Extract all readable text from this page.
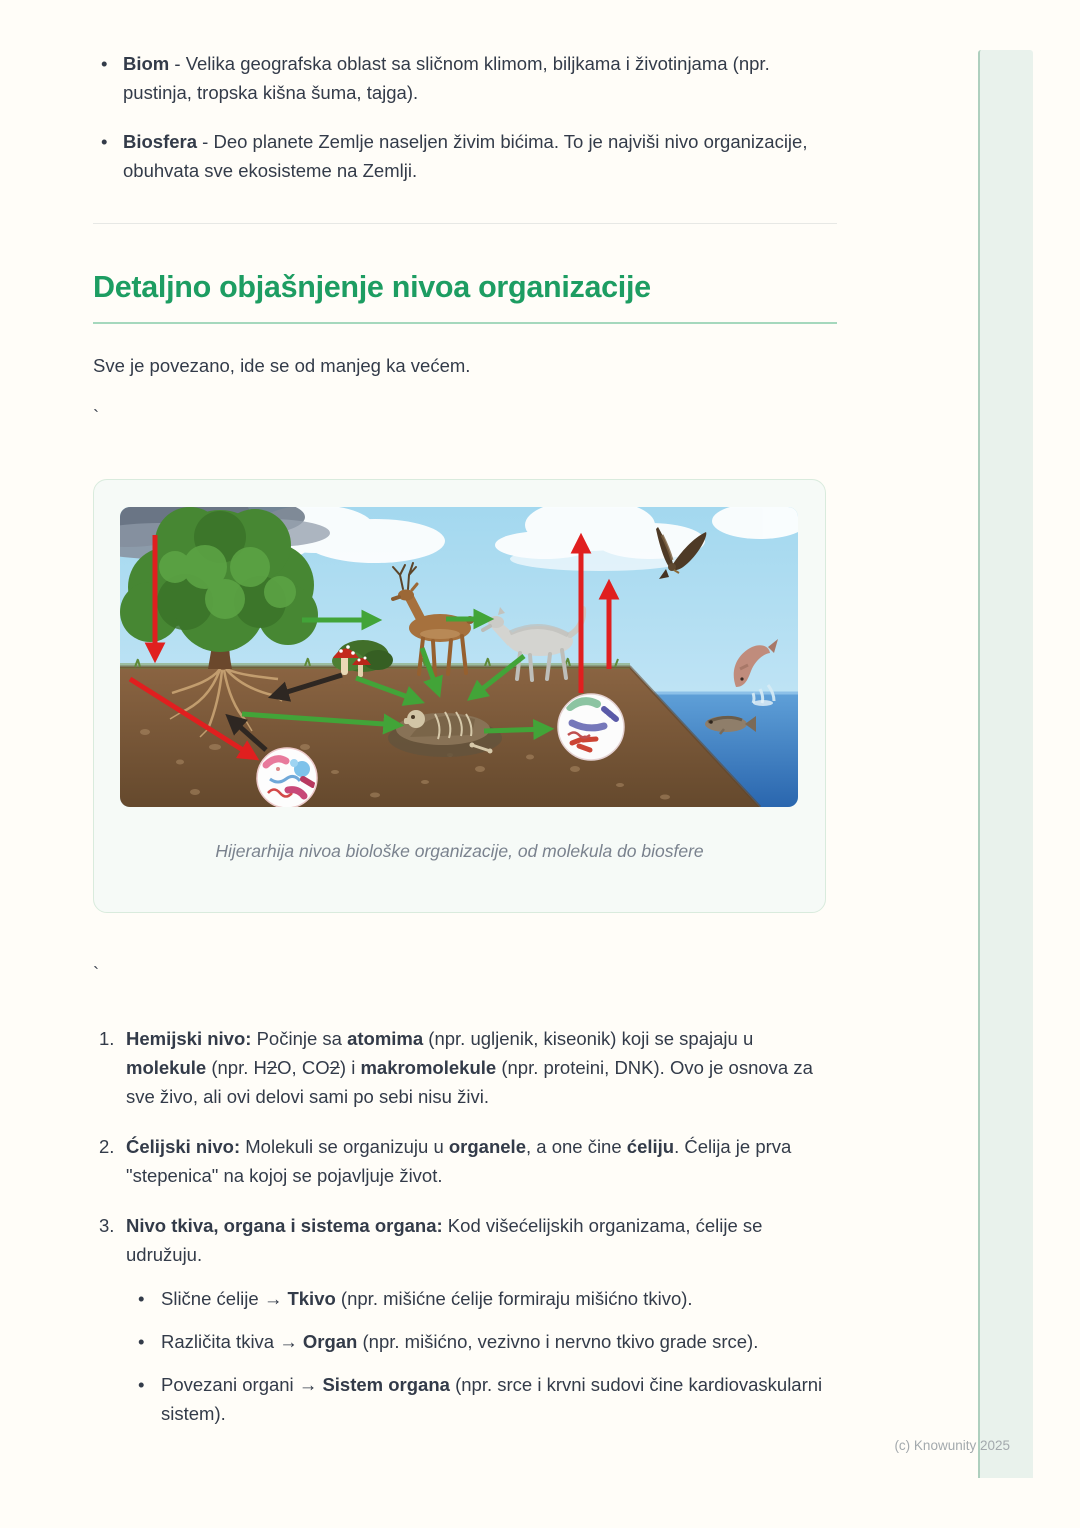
• Biom - Velika geografska oblast sa sličnom klimom, biljkama i životinjama (npr. pustinja, tropska kišna šuma, tajga).
• Biosfera - Deo planete Zemlje naseljen živim bićima. To je najviši nivo organizacije, obuhvata sve ekosisteme na Zemlji.
Detaljno objašnjenje nivoa organizacije

Sve je povezano, ide se od manjeg ka većem.

`

Hijerarhija nivoa biološke organizacije, od molekula do biosfere

`

1. Hemijski nivo: Počinje sa atomima (npr. ugljenik, kiseonik) koji se spajaju u molekule (npr. H2O, CO2) i makromolekule (npr. proteini, DNK). Ovo je osnova za sve živo, ali ovi delovi sami po sebi nisu živi.
2. Ćelijski nivo: Molekuli se organizuju u organele, a one čine ćeliju. Ćelija je prva "stepenica" na kojoj se pojavljuje život.
3. Nivo tkiva, organa i sistema organa: Kod višećelijskih organizama, ćelije se udružuju.
• Slične ćelije → Tkivo (npr. mišićne ćelije formiraju mišićno tkivo).
• Različita tkiva → Organ (npr. mišićno, vezivno i nervno tkivo grade srce).
• Povezani organi → Sistem organa (npr. srce i krvni sudovi čine kardiovaskularni sistem).
(c) Knowunity 2025
